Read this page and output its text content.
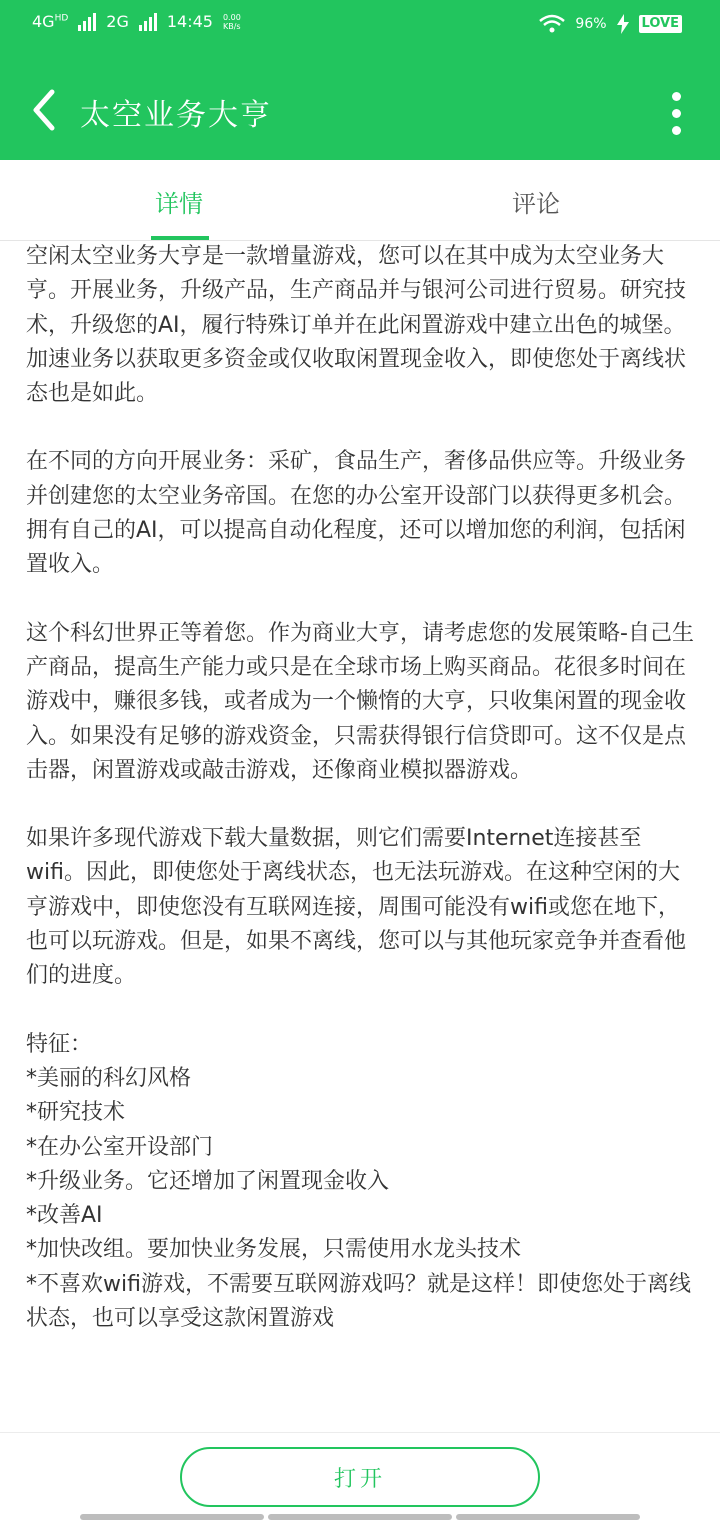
$4G^{HD}$ 2G 14:45 0.00
KB/s	96%	LOVE
太空业务大亨
详情	评论

空闲太空业务大亨是一款增量游戏，您可以在其中成为太空业务大亨。开展业务，升级产品，生产商品并与银河公司进行贸易。研究技术，升级您的AI，履行特殊订单并在此闲置游戏中建立出色的城堡。加速业务以获取更多资金或仅收取闲置现金收入，即使您处于离线状态也是如此。

在不同的方向开展业务：采矿，食品生产，奢侈品供应等。升级业务并创建您的太空业务帝国。在您的办公室开设部门以获得更多机会。拥有自己的AI，可以提高自动化程度，还可以增加您的利润，包括闲置收入。

这个科幻世界正等着您。作为商业大亨，请考虑您的发展策略-自己生产商品，提高生产能力或只是在全球市场上购买商品。花很多时间在游戏中，赚很多钱，或者成为一个懒惰的大亨，只收集闲置的现金收入。如果没有足够的游戏资金，只需获得银行信贷即可。这不仅是点击器，闲置游戏或敲击游戏，还像商业模拟器游戏。

如果许多现代游戏下载大量数据，则它们需要Internet连接甚至wifi。因此，即使您处于离线状态，也无法玩游戏。在这种空闲的大亨游戏中，即使您没有互联网连接，周围可能没有wifi或您在地下，也可以玩游戏。但是，如果不离线，您可以与其他玩家竞争并查看他们的进度。

特征：

*美丽的科幻风格
*研究技术
*在办公室开设部门
*升级业务。它还增加了闲置现金收入
*改善AI
*加快改组。要加快业务发展，只需使用水龙头技术
*不喜欢wifi游戏，不需要互联网游戏吗？就是这样！即使您处于离线状态，也可以享受这款闲置游戏
打开
